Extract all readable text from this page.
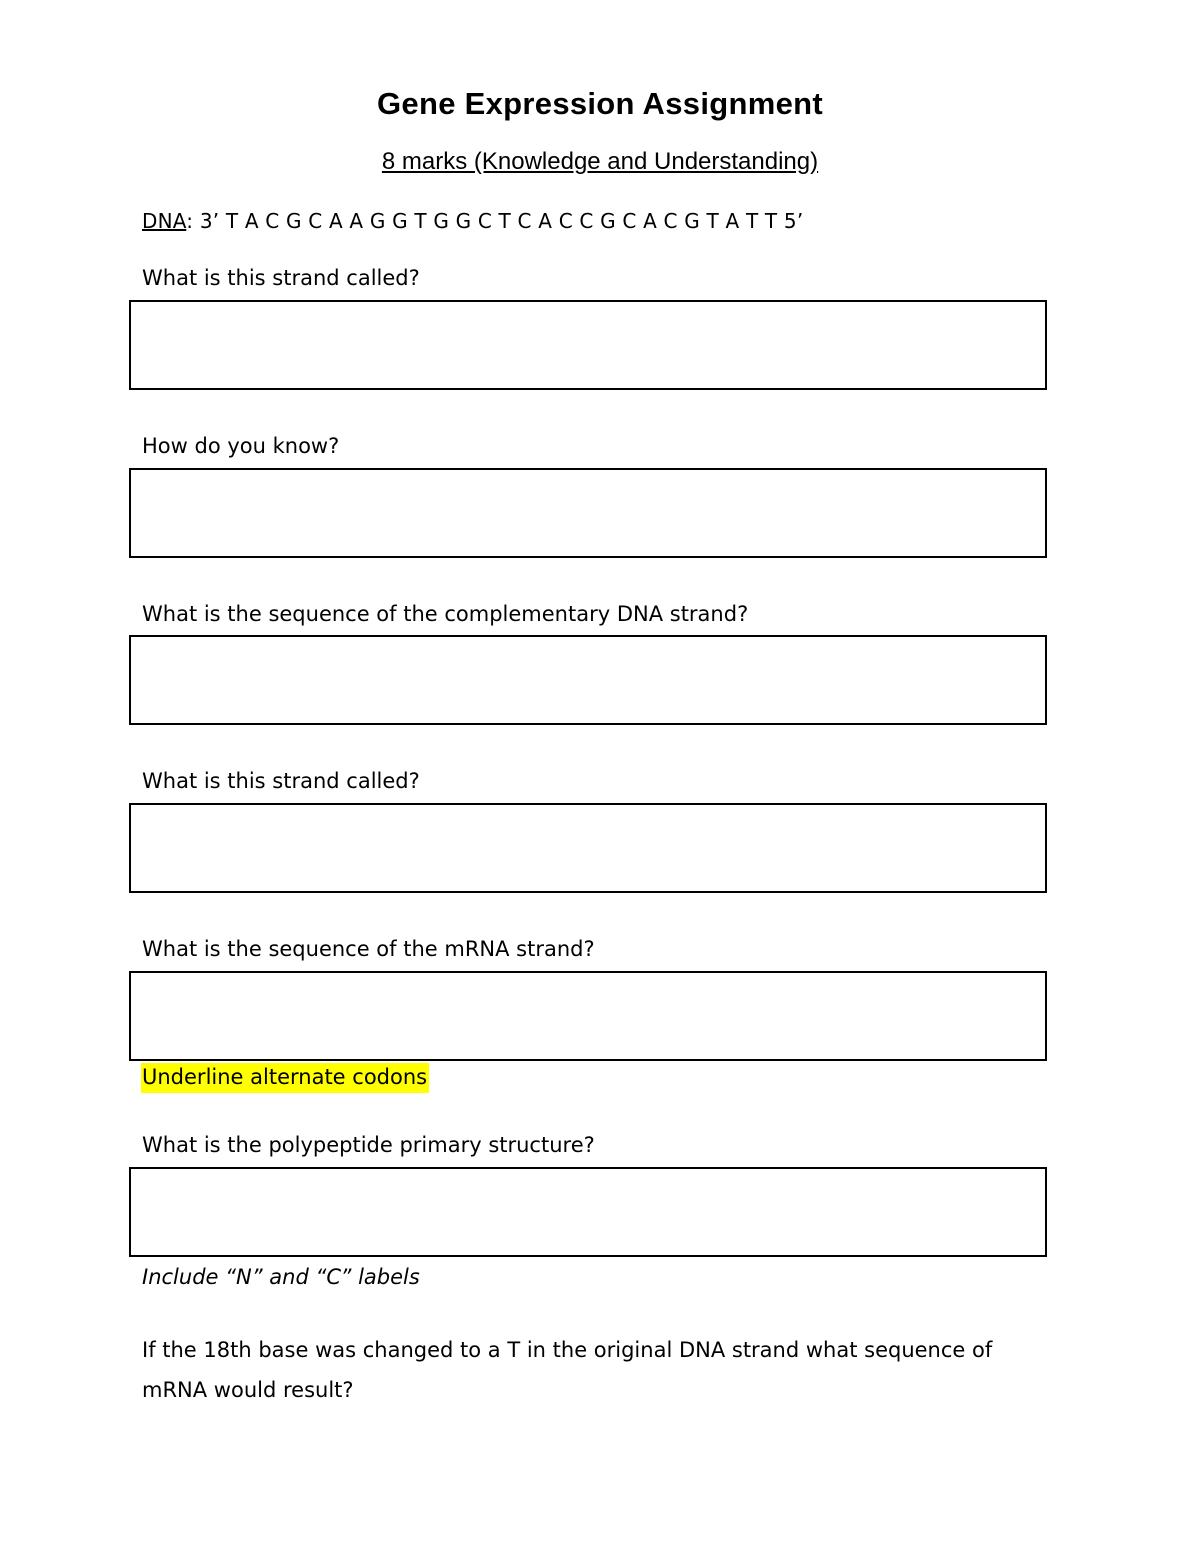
Gene Expression Assignment
8 marks (Knowledge and Understanding)
DNA: 3’ T A C G C A A G G T G G C T C A C C G C A C G T A T T 5’
What is this strand called?
How do you know?
What is the sequence of the complementary DNA strand?
What is this strand called?
What is the sequence of the mRNA strand?
Underline alternate codons
What is the polypeptide primary structure?
Include “N” and “C” labels

If the 18th base was changed to a T in the original DNA strand what sequence of mRNA would result?
